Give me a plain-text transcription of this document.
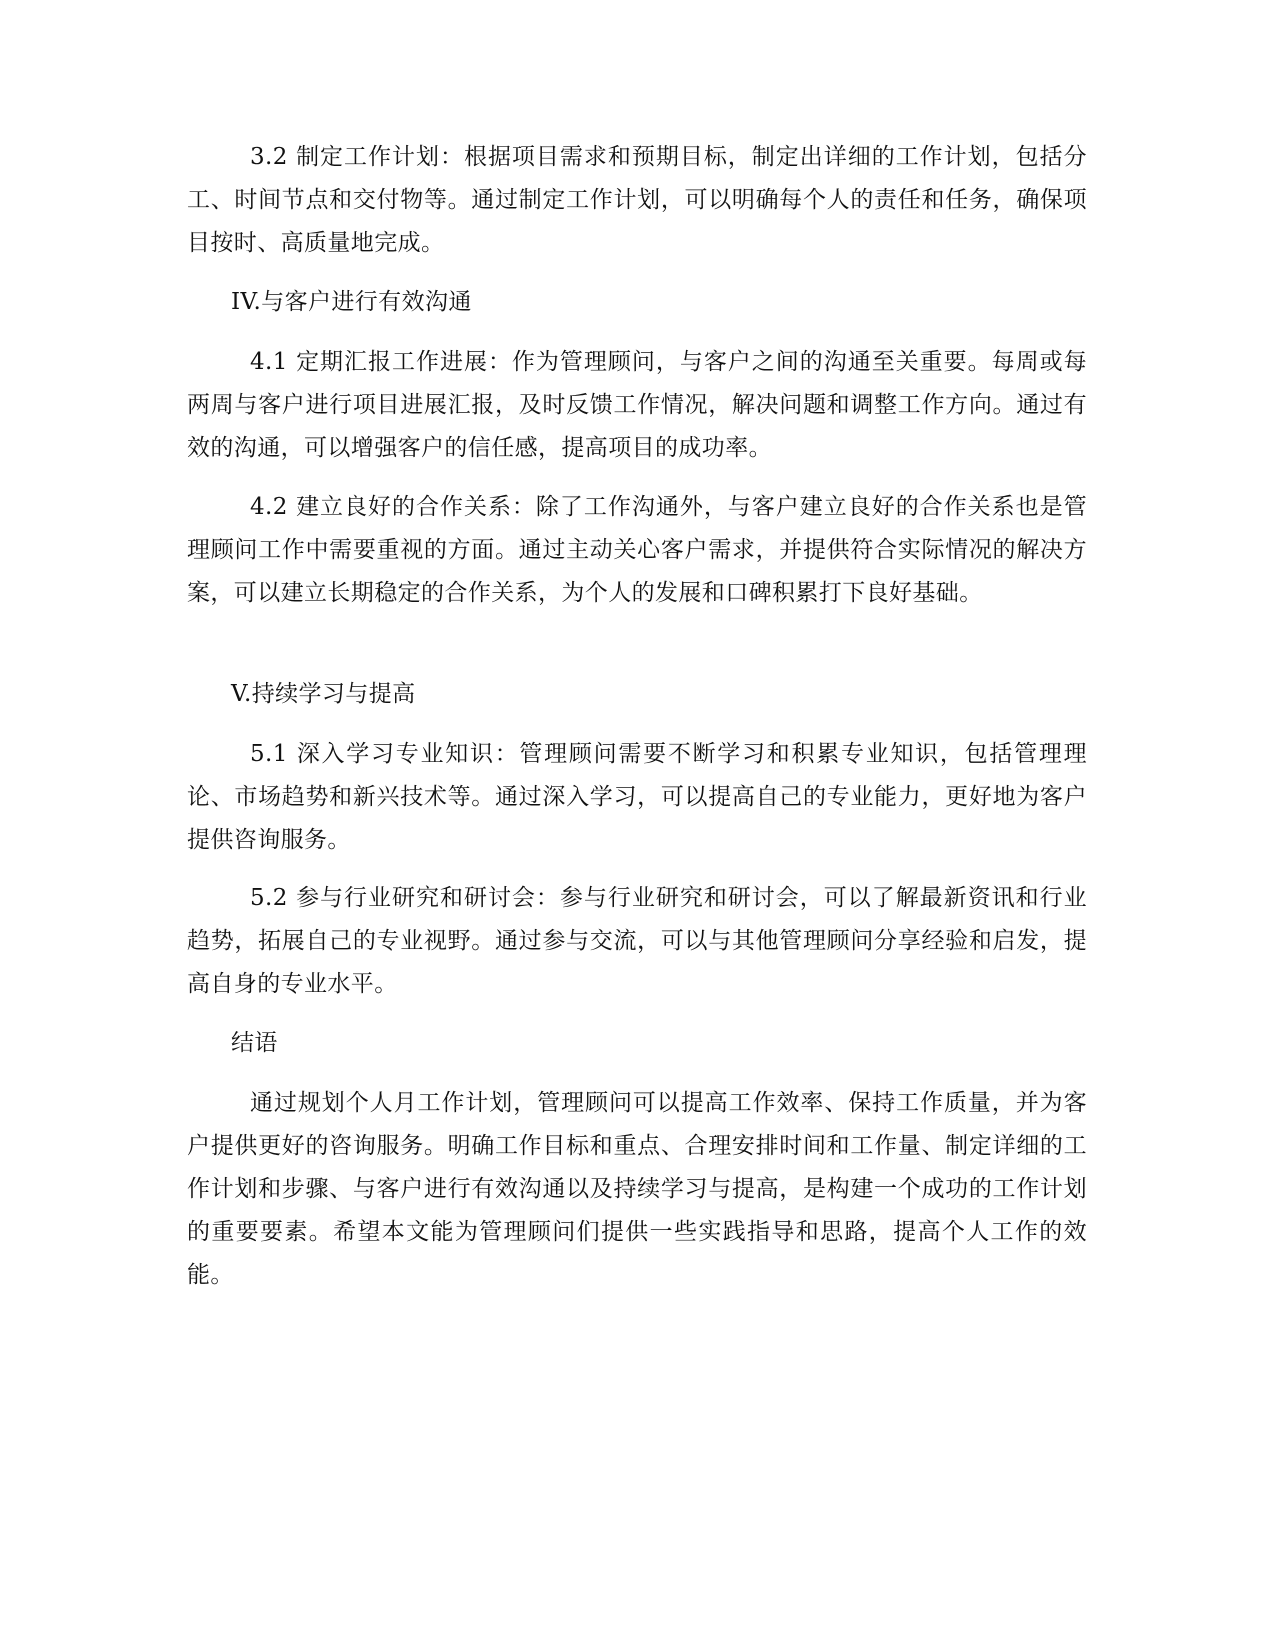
3.2 制定工作计划：根据项目需求和预期目标，制定出详细的工作计划，包括分工、时间节点和交付物等。通过制定工作计划，可以明确每个人的责任和任务，确保项目按时、高质量地完成。

IV.与客户进行有效沟通

4.1 定期汇报工作进展：作为管理顾问，与客户之间的沟通至关重要。每周或每两周与客户进行项目进展汇报，及时反馈工作情况，解决问题和调整工作方向。通过有效的沟通，可以增强客户的信任感，提高项目的成功率。

4.2 建立良好的合作关系：除了工作沟通外，与客户建立良好的合作关系也是管理顾问工作中需要重视的方面。通过主动关心客户需求，并提供符合实际情况的解决方案，可以建立长期稳定的合作关系，为个人的发展和口碑积累打下良好基础。

V.持续学习与提高

5.1 深入学习专业知识：管理顾问需要不断学习和积累专业知识，包括管理理论、市场趋势和新兴技术等。通过深入学习，可以提高自己的专业能力，更好地为客户提供咨询服务。

5.2 参与行业研究和研讨会：参与行业研究和研讨会，可以了解最新资讯和行业趋势，拓展自己的专业视野。通过参与交流，可以与其他管理顾问分享经验和启发，提高自身的专业水平。

结语

通过规划个人月工作计划，管理顾问可以提高工作效率、保持工作质量，并为客户提供更好的咨询服务。明确工作目标和重点、合理安排时间和工作量、制定详细的工作计划和步骤、与客户进行有效沟通以及持续学习与提高，是构建一个成功的工作计划的重要要素。希望本文能为管理顾问们提供一些实践指导和思路，提高个人工作的效能。
